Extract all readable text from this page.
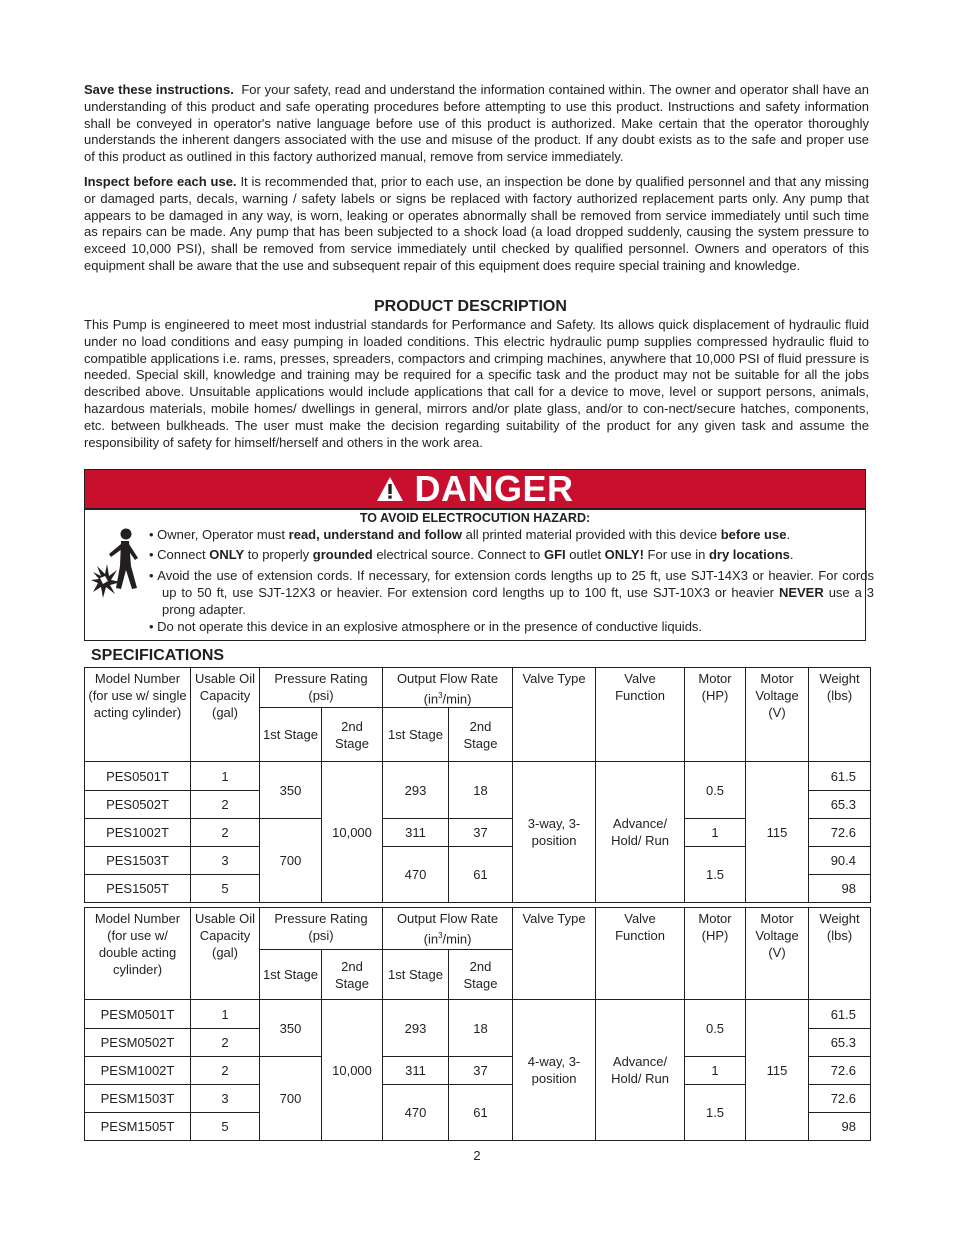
Save these instructions. For your safety, read and understand the information contained within. The owner and operator shall have an understanding of this product and safe operating procedures before attempting to use this product. Instructions and safety information shall be conveyed in operator's native language before use of this product is authorized. Make certain that the operator thoroughly understands the inherent dangers associated with the use and misuse of the product. If any doubt exists as to the safe and proper use of this product as outlined in this factory authorized manual, remove from service immediately.

Inspect before each use. It is recommended that, prior to each use, an inspection be done by qualified personnel and that any missing or damaged parts, decals, warning / safety labels or signs be replaced with factory authorized replacement parts only. Any pump that appears to be damaged in any way, is worn, leaking or operates abnormally shall be removed from service immediately until such time as repairs can be made. Any pump that has been subjected to a shock load (a load dropped suddenly, causing the system pressure to exceed 10,000 PSI), shall be removed from service immediately until checked by qualified personnel. Owners and operators of this equipment shall be aware that the use and subsequent repair of this equipment does require special training and knowledge.

PRODUCT DESCRIPTION

This Pump is engineered to meet most industrial standards for Performance and Safety. Its allows quick displacement of hydraulic fluid under no load conditions and easy pumping in loaded conditions. This electric hydraulic pump supplies compressed hydraulic fluid to compatible applications i.e. rams, presses, spreaders, compactors and crimping machines, anywhere that 10,000 PSI of fluid pressure is needed. Special skill, knowledge and training may be required for a specific task and the product may not be suitable for all the jobs described above. Unsuitable applications would include applications that call for a device to move, level or support persons, animals, hazardous materials, mobile homes/ dwellings in general, mirrors and/or plate glass, and/or to con-nect/secure hatches, components, etc. between bulkheads. The user must make the decision regarding suitability of the product for any given task and assume the responsibility of safety for himself/herself and others in the work area.

DANGER
TO AVOID ELECTROCUTION HAZARD:
• Owner, Operator must read, understand and follow all printed material provided with this device before use.
• Connect ONLY to properly grounded electrical source. Connect to GFI outlet ONLY! For use in dry locations.
• Avoid the use of extension cords. If necessary, for extension cords lengths up to 25 ft, use SJT-14X3 or heavier. For cords up to 50 ft, use SJT-12X3 or heavier. For extension cord lengths up to 100 ft, use SJT-10X3 or heavier NEVER use a 3 prong adapter.
• Do not operate this device in an explosive atmosphere or in the presence of conductive liquids.
SPECIFICATIONS
Model Number (for use w/ single acting cylinder)	Usable Oil Capacity (gal)	Pressure Rating (psi)		Output Flow Rate
$(in^3/\min)$		Valve Type	Valve Function	Motor (HP)	Motor Voltage (V)	Weight (lbs)
		1st Stage	2nd Stage	1st Stage	2nd Stage					
PES0501T	1	350	10,000	293	18	3-way, 3-position	Advance/ Hold/ Run	0.5	115	61.5
PES0502T	2									65.3
PES1002T	2	700		311	37			1		72.6
PES1503T	3			470	61			1.5		90.4
PES1505T	5									98
Model Number (for use w/ double acting cylinder)	Usable Oil Capacity (gal)	Pressure Rating (psi)		Output Flow Rate
$(in^3/\min)$		Valve Type	Valve Function	Motor (HP)	Motor Voltage (V)	Weight (lbs)
		1st Stage	2nd Stage	1st Stage	2nd Stage					
PESM0501T	1	350	10,000	293	18	4-way, 3-position	Advance/ Hold/ Run	0.5	115	61.5
PESM0502T	2									65.3
PESM1002T	2	700		311	37			1		72.6
PESM1503T	3			470	61			1.5		72.6
PESM1505T	5									98
2
